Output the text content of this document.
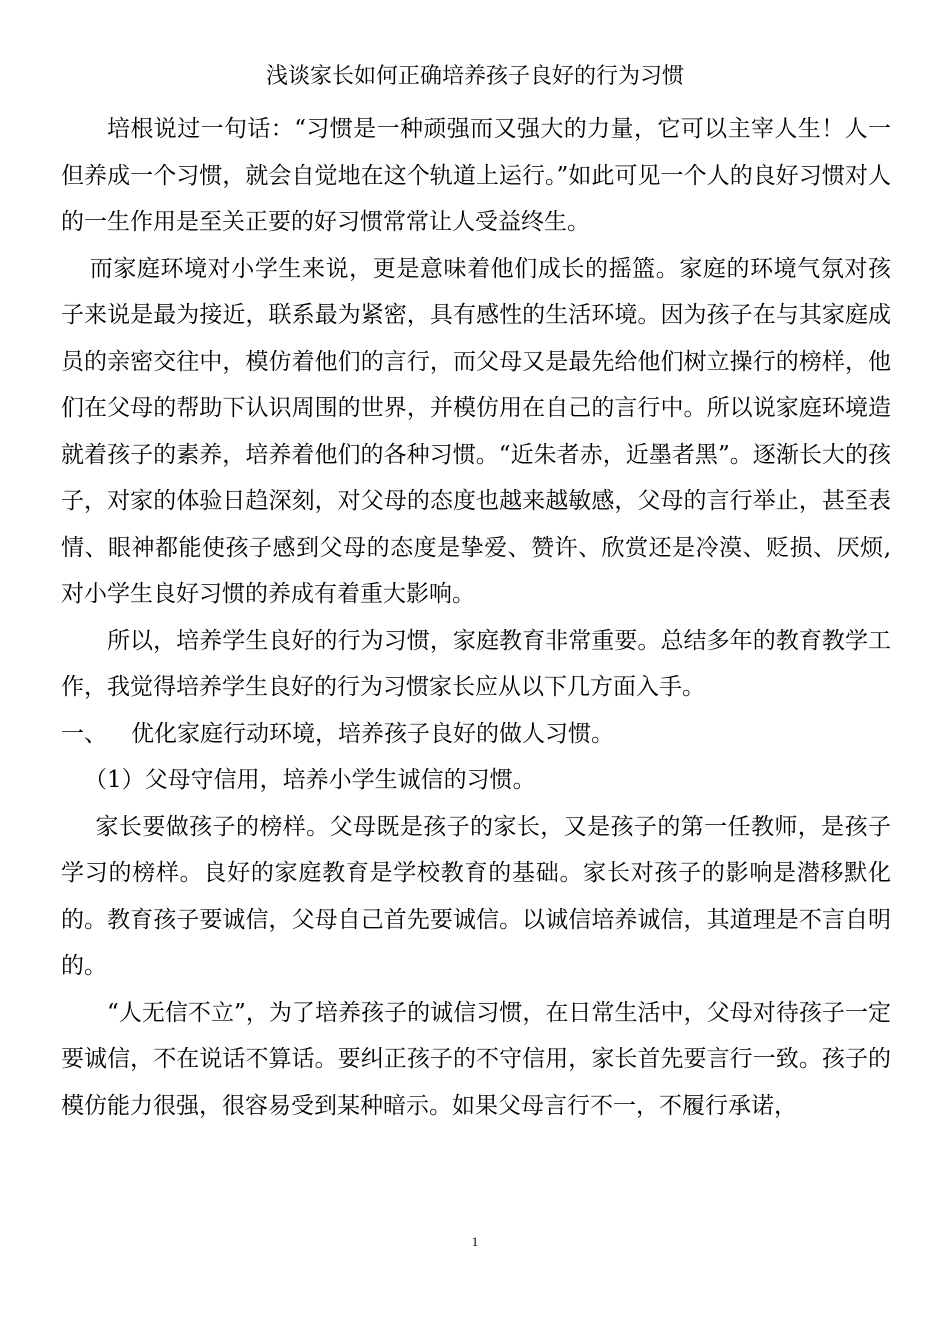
浅谈家长如何正确培养孩子良好的行为习惯

培根说过一句话：“习惯是一种顽强而又强大的力量，它可以主宰人生！人一但养成一个习惯，就会自觉地在这个轨道上运行。”如此可见一个人的良好习惯对人的一生作用是至关正要的好习惯常常让人受益终生。

而家庭环境对小学生来说，更是意味着他们成长的摇篮。家庭的环境气氛对孩子来说是最为接近，联系最为紧密，具有感性的生活环境。因为孩子在与其家庭成员的亲密交往中，模仿着他们的言行，而父母又是最先给他们树立操行的榜样，他们在父母的帮助下认识周围的世界，并模仿用在自己的言行中。所以说家庭环境造就着孩子的素养，培养着他们的各种习惯。“近朱者赤，近墨者黑”。逐渐长大的孩子，对家的体验日趋深刻，对父母的态度也越来越敏感，父母的言行举止，甚至表情、眼神都能使孩子感到父母的态度是挚爱、赞许、欣赏还是冷漠、贬损、厌烦,对小学生良好习惯的养成有着重大影响。

所以，培养学生良好的行为习惯，家庭教育非常重要。总结多年的教育教学工作，我觉得培养学生良好的行为习惯家长应从以下几方面入手。

一、 优化家庭行动环境，培养孩子良好的做人习惯。

（1）父母守信用，培养小学生诚信的习惯。

家长要做孩子的榜样。父母既是孩子的家长，又是孩子的第一任教师，是孩子学习的榜样。良好的家庭教育是学校教育的基础。家长对孩子的影响是潜移默化的。教育孩子要诚信，父母自己首先要诚信。以诚信培养诚信，其道理是不言自明的。

“人无信不立”，为了培养孩子的诚信习惯，在日常生活中，父母对待孩子一定要诚信，不在说话不算话。要纠正孩子的不守信用，家长首先要言行一致。孩子的模仿能力很强，很容易受到某种暗示。如果父母言行不一，不履行承诺，

1
